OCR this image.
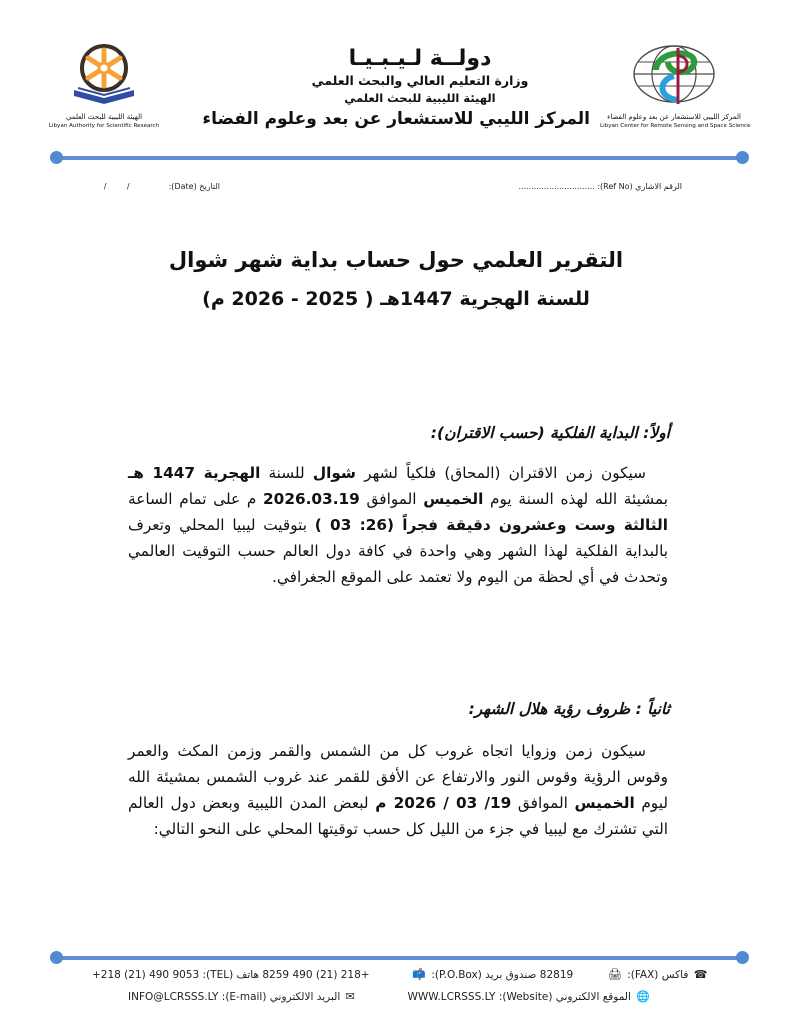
الهيئة الليبية للبحث العلمي
Libyan Authority for Scientific Research
دولــة لـيـبـيـا
وزارة التعليم العالي والبحث العلمي
الهيئة الليبية للبحث العلمي
المركز الليبي للاستشعار عن بعد وعلوم الفضاء	المركز الليبي للاستشعار عن بعد وعلوم الفضاء
Libyan Center for Remote Sensing and Space Science
الرقم الاشاري (Ref No): ..............................
التاريخ (Date):  /        /
التقرير العلمي حول حساب بداية شهر شوال
للسنة الهجرية 1447هـ ( 2025 - 2026 م)
أولاً: البداية الفلكية (حسب الاقتران):
سيكون زمن الاقتران (المحاق) فلكياً لشهر شوال للسنة الهجرية 1447 هـ بمشيئة الله لهذه السنة يوم الخميس الموافق 2026.03.19 م على تمام الساعة الثالثة وست وعشرون دقيقة فجراً (26: 03 ) بتوقيت ليبيا المحلي وتعرف بالبداية الفلكية لهذا الشهر وهي واحدة في كافة دول العالم حسب التوقيت العالمي وتحدث في أي لحظة من اليوم ولا تعتمد على الموقع الجغرافي.
ثانياً : ظروف رؤية هلال الشهر:
سيكون زمن وزوايا اتجاه غروب كل من الشمس والقمر وزمن المكث والعمر وقوس الرؤية وقوس النور والارتفاع عن الأفق للقمر عند غروب الشمس بمشيئة الله ليوم الخميس الموافق 19/ 03 / 2026 م لبعض المدن الليبية وبعض دول العالم التي تشترك مع ليبيا في جزء من الليل كل حسب توقيتها المحلي على النحو التالي:
+218 (21) 490 9053	فاكس (FAX): 🖨  82819 صندوق بريد (P.O.Box): 📫  +218 (21) 490 8259 هاتف (TEL):	☎
INFO@LCRSSS.LY البريد الالكتروني (E-mail): ✉	WWW.LCRSSS.LY الموقع الالكتروني (Website): 🌐
